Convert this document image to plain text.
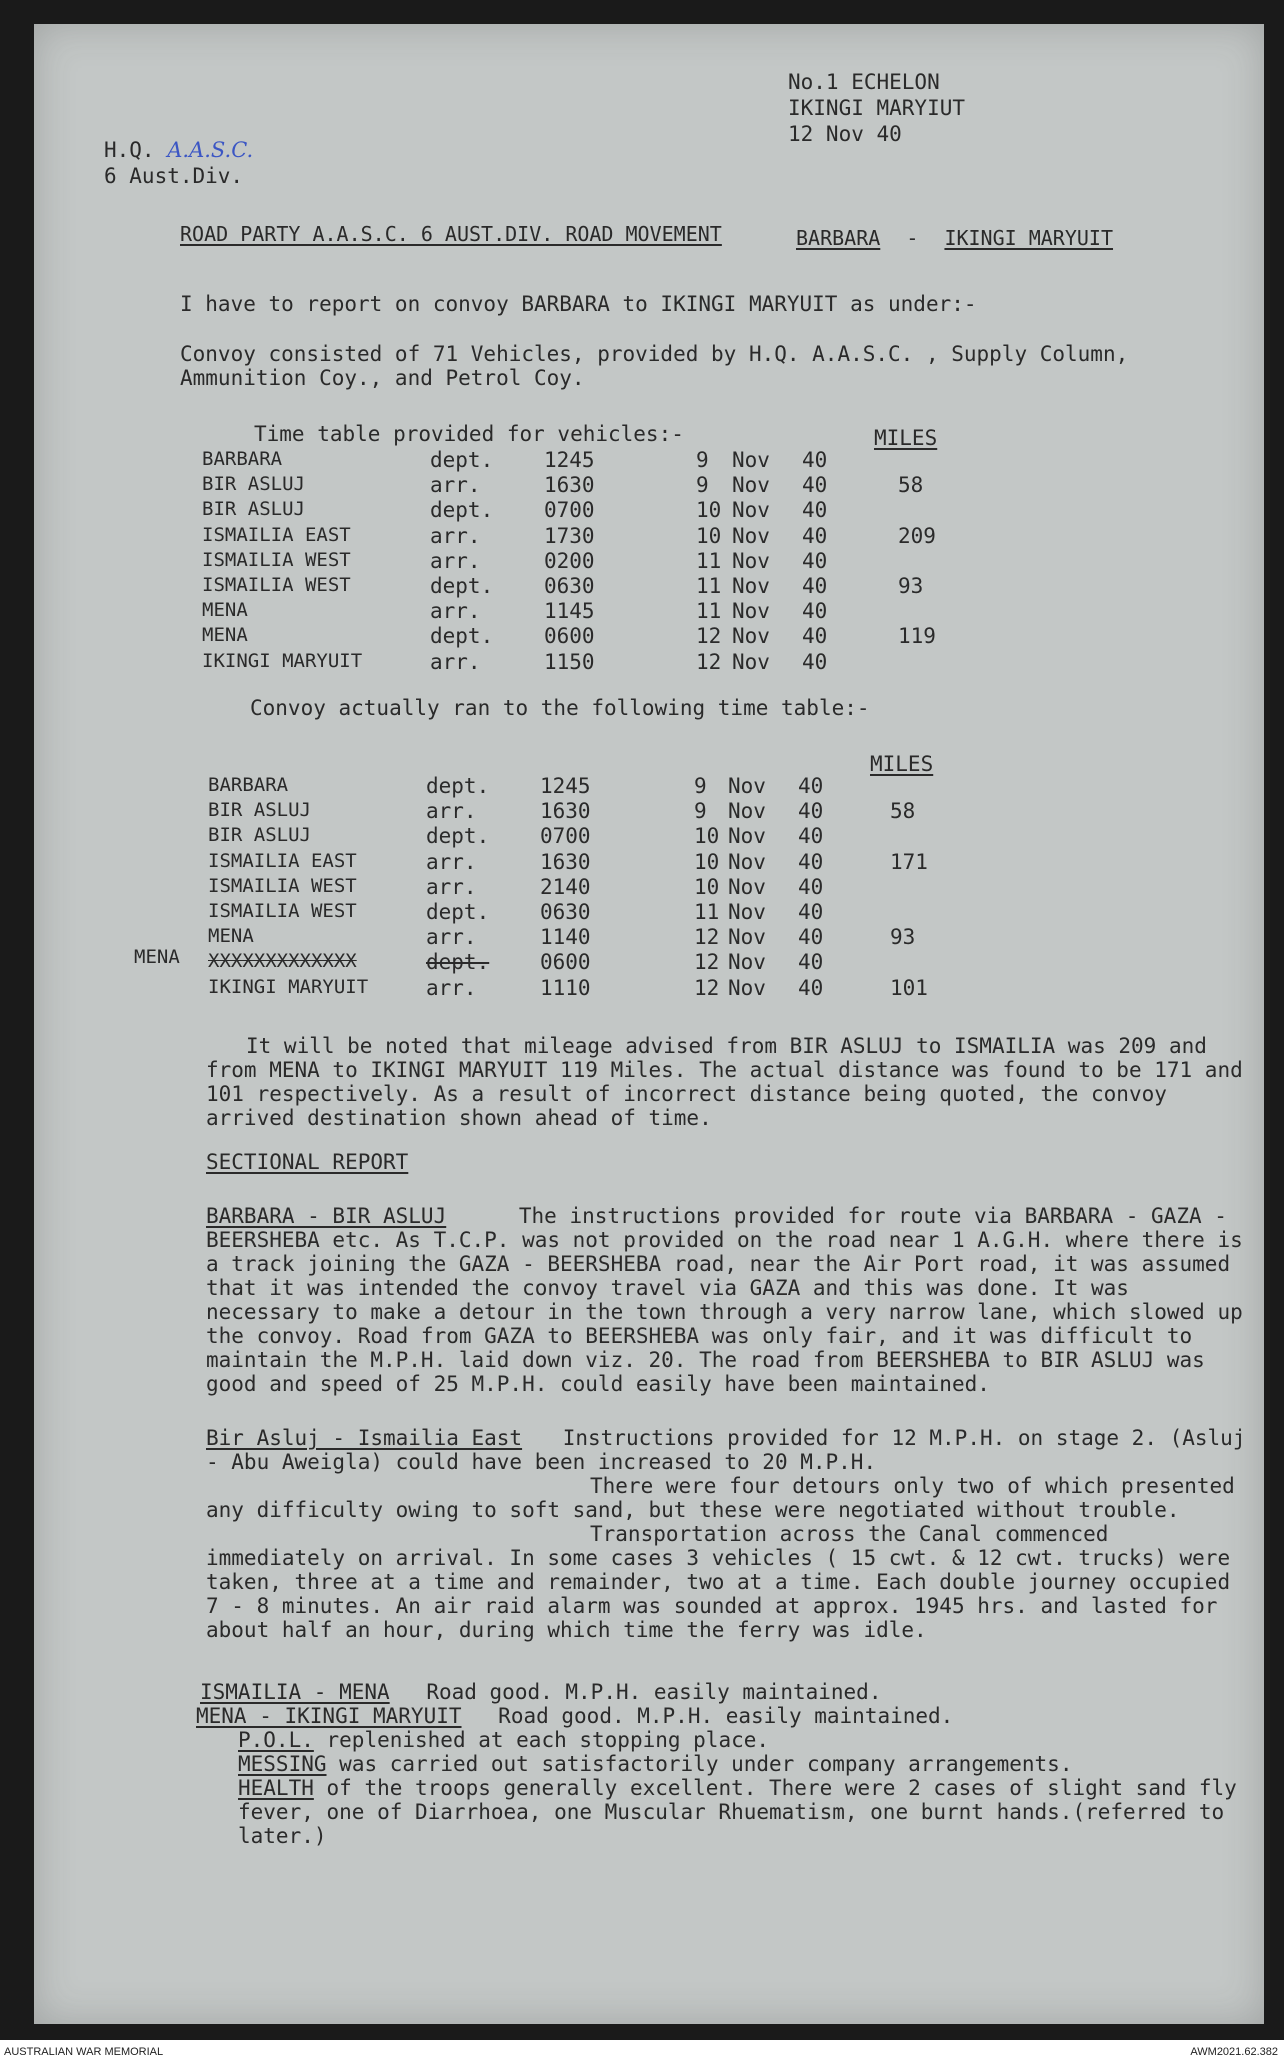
No.1 ECHELON
IKINGI MARYIUT
12 Nov 40
H.Q. A.A.S.C.
6 Aust.Div.
ROAD PARTY A.A.S.C. 6 AUST.DIV. ROAD MOVEMENT	BARBARA - IKINGI MARYUIT
I have to report on convoy BARBARA to IKINGI MARYUIT as under:-
Convoy consisted of 71 Vehicles, provided by H.Q. A.A.S.C. , Supply Column, Ammunition Coy., and Petrol Coy.
Time table provided for vehicles:-	MILES
BARBARA	dept. 1245	9 Nov 40
BIR ASLUJ	arr.	1630	9 Nov 40	58
BIR ASLUJ	dept. 0700	10 Nov 40
ISMAILIA EAST	arr.	1730	10 Nov 40	209
ISMAILIA WEST	arr.	0200	11 Nov 40
ISMAILIA WEST	dept. 0630	11 Nov 40	93
MENA	arr.	1145	11 Nov 40
MENA	dept. 0600	12 Nov 40	119
IKINGI MARYUIT	arr.	1150	12 Nov 40
Convoy actually ran to the following time table:-
MILES
MENA
BARBARA	dept. 1245	9 Nov 40
BIR ASLUJ	arr.	1630	9 Nov 40	58
BIR ASLUJ	dept. 0700	10 Nov 40
ISMAILIA EAST	arr.	1630	10 Nov 40	171
ISMAILIA WEST	arr.	2140	10 Nov 40
ISMAILIA WEST	dept. 0630	11 Nov 40
MENA	arr.	1140	12 Nov 40	93
XXXXXXXXXXXXX	dept. 0600	12 Nov 40
IKINGI MARYUIT	arr.	1110	12 Nov 40	101
It will be noted that mileage advised from BIR ASLUJ to ISMAILIA was 209 and from MENA to IKINGI MARYUIT 119 Miles. The actual distance was found to be 171 and 101 respectively. As a result of incorrect distance being quoted, the convoy arrived destination shown ahead of time.
SECTIONAL REPORT
BARBARA - BIR ASLUJ	The instructions provided for route via BARBARA - GAZA - BEERSHEBA etc. As T.C.P. was not provided on the road near 1 A.G.H. where there is a track joining the GAZA - BEERSHEBA road, near the Air Port road, it was assumed that it was intended the convoy travel via GAZA and this was done. It was necessary to make a detour in the town through a very narrow lane, which slowed up the convoy. Road from GAZA to BEERSHEBA was only fair, and it was difficult to maintain the M.P.H. laid down viz. 20. The road from BEERSHEBA to BIR ASLUJ was good and speed of 25 M.P.H. could easily have been maintained.

Bir Asluj - Ismailia East Instructions provided for 12 M.P.H. on stage 2. (Asluj - Abu Aweigla) could have been increased to 20 M.P.H.

There were four detours only two of which presented any difficulty owing to soft sand, but these were negotiated without trouble.

Transportation across the Canal commenced immediately on arrival. In some cases 3 vehicles ( 15 cwt. & 12 cwt. trucks) were taken, three at a time and remainder, two at a time. Each double journey occupied 7 - 8 minutes. An air raid alarm was sounded at approx. 1945 hrs. and lasted for about half an hour, during which time the ferry was idle.

ISMAILIA - MENA Road good. M.P.H. easily maintained.
MENA - IKINGI MARYUIT Road good. M.P.H. easily maintained.
P.O.L. replenished at each stopping place.
MESSING was carried out satisfactorily under company arrangements.
HEALTH of the troops generally excellent. There were 2 cases of slight sand fly fever, one of Diarrhoea, one Muscular Rhuematism, one burnt hands.(referred to later.)
AUSTRALIAN WAR MEMORIAL	AWM2021.62.382
